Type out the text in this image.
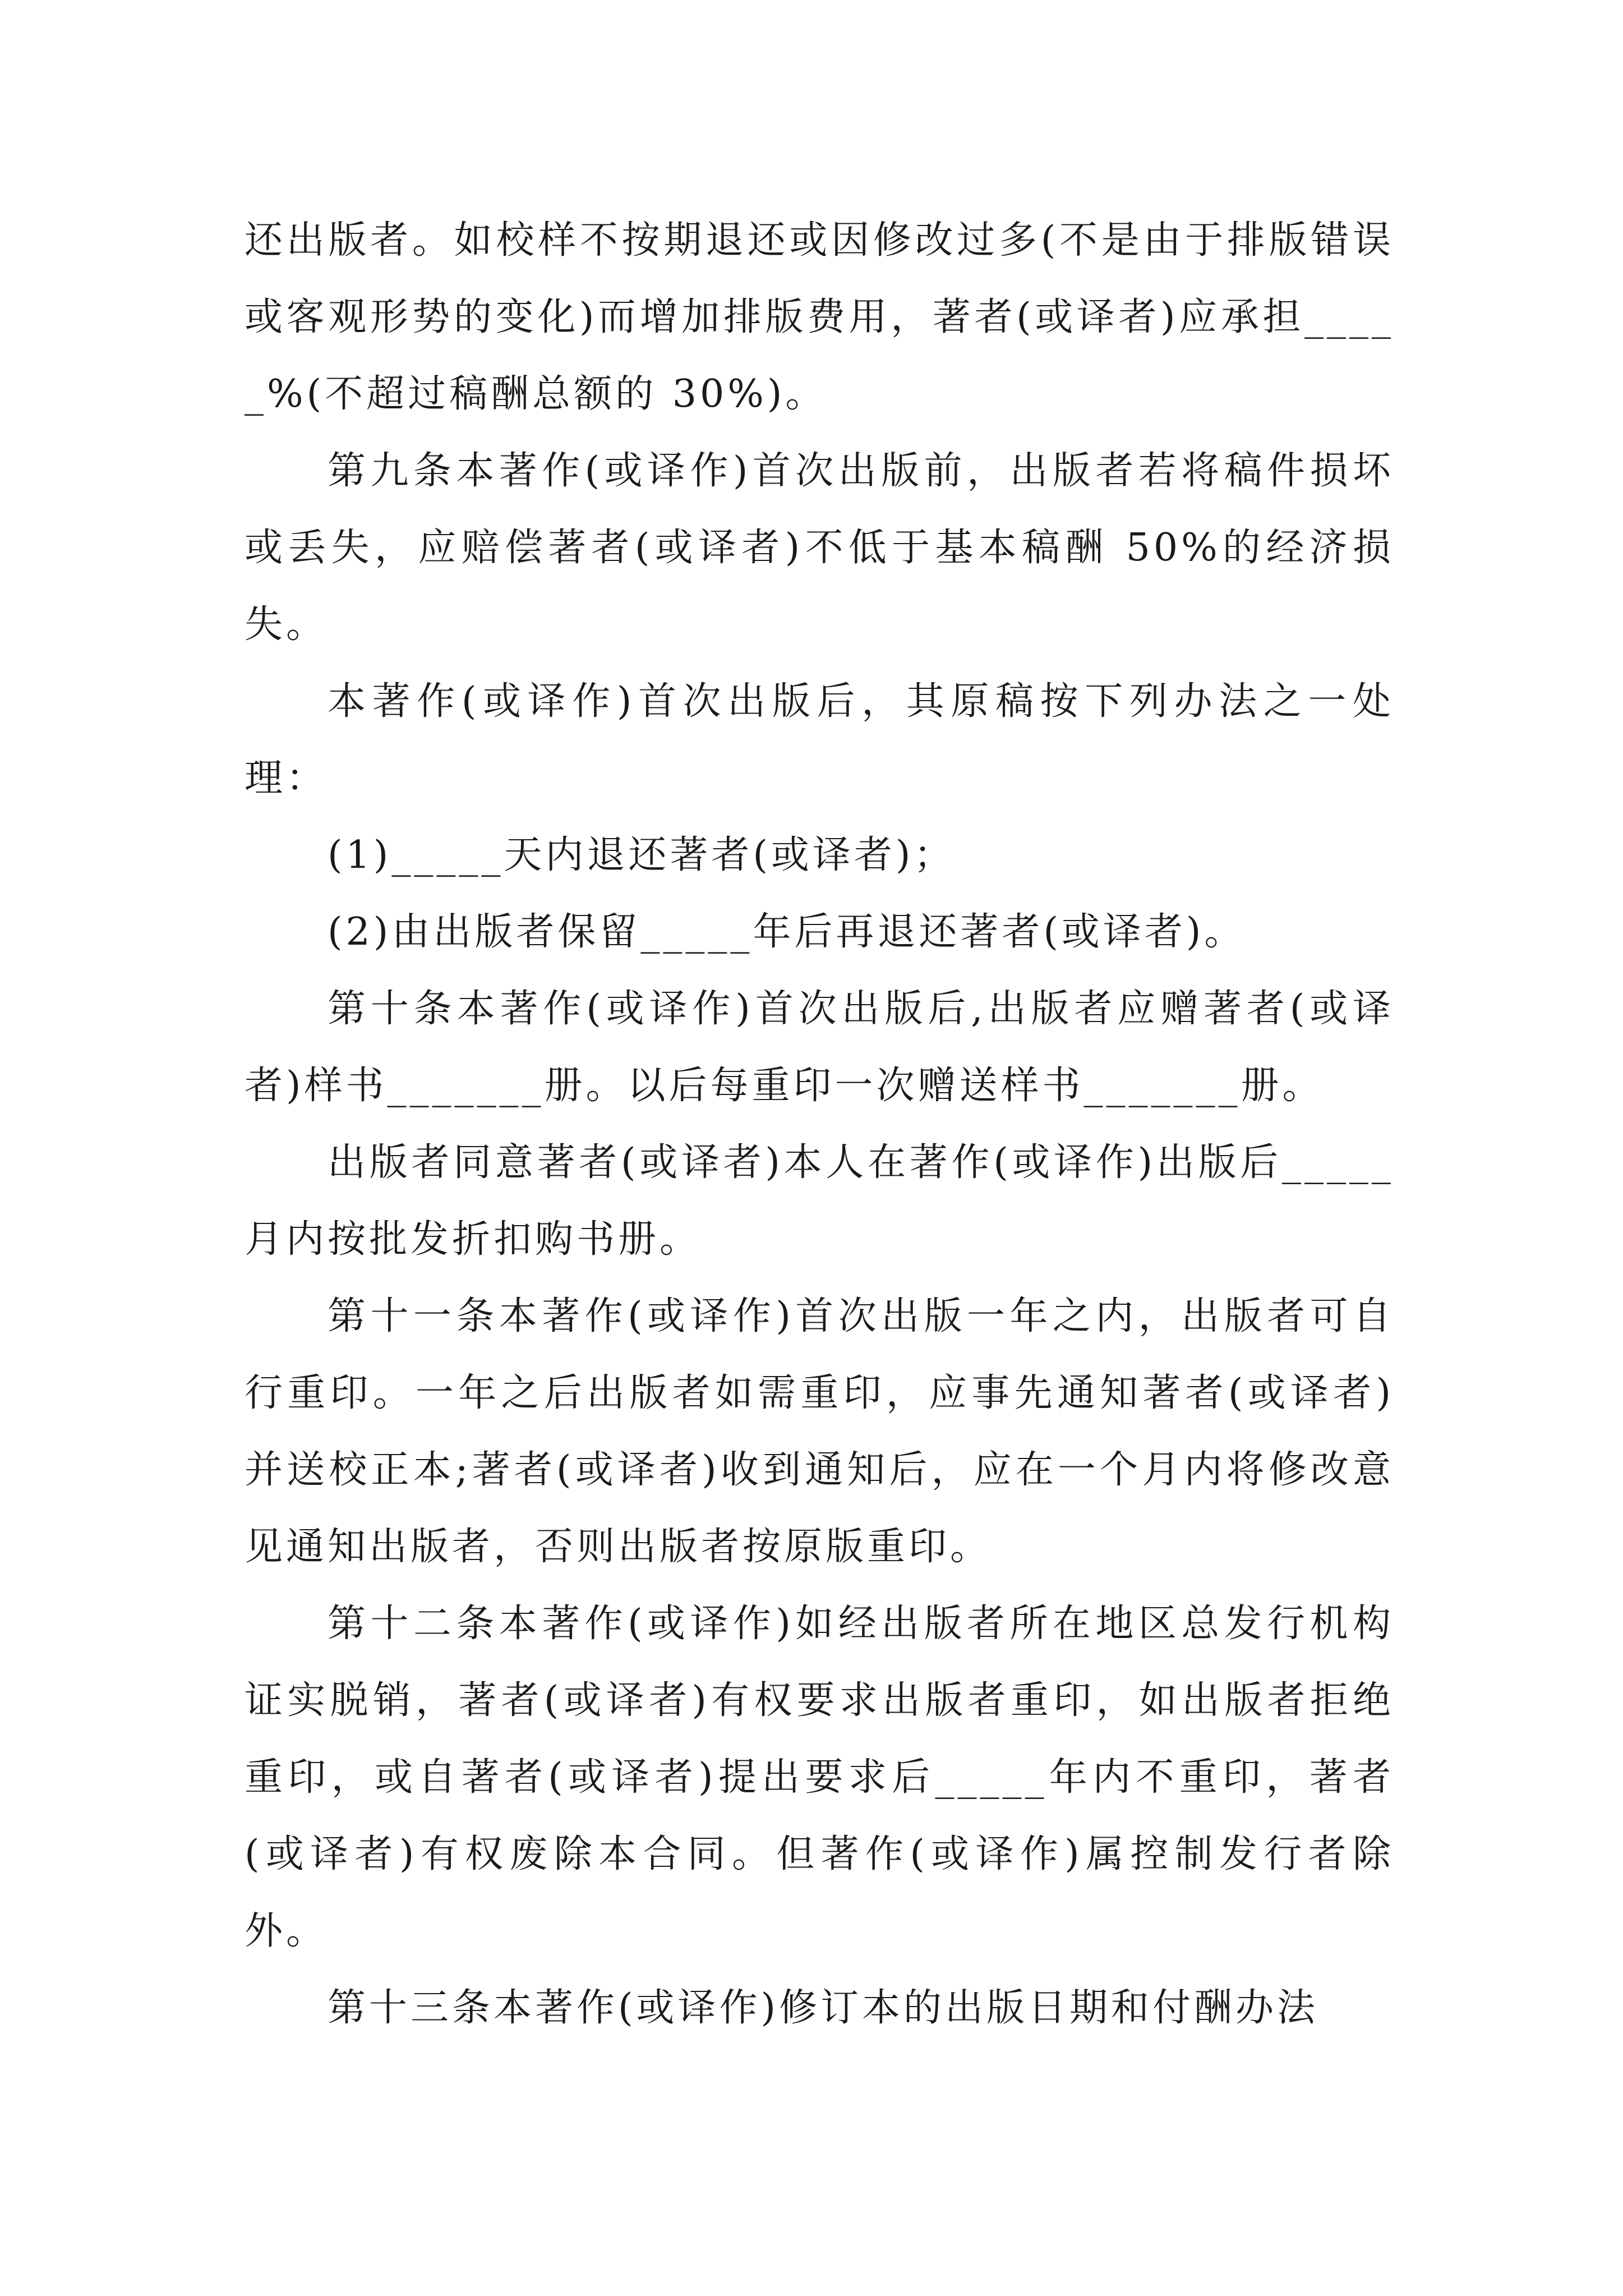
还出版者。如校样不按期退还或因修改过多(不是由于排版错误或客观形势的变化)而增加排版费用，著者(或译者)应承担_____%(不超过稿酬总额的 30%)。

第九条本著作(或译作)首次出版前，出版者若将稿件损坏或丢失，应赔偿著者(或译者)不低于基本稿酬 50%的经济损失。

本著作(或译作)首次出版后，其原稿按下列办法之一处理：

(1)_____天内退还著者(或译者)；

(2)由出版者保留_____年后再退还著者(或译者)。

第十条本著作(或译作)首次出版后,出版者应赠著者(或译者)样书_______册。以后每重印一次赠送样书_______册。

出版者同意著者(或译者)本人在著作(或译作)出版后_____月内按批发折扣购书册。

第十一条本著作(或译作)首次出版一年之内，出版者可自行重印。一年之后出版者如需重印，应事先通知著者(或译者)并送校正本;著者(或译者)收到通知后，应在一个月内将修改意见通知出版者，否则出版者按原版重印。

第十二条本著作(或译作)如经出版者所在地区总发行机构证实脱销，著者(或译者)有权要求出版者重印，如出版者拒绝重印，或自著者(或译者)提出要求后_____年内不重印，著者(或译者)有权废除本合同。但著作(或译作)属控制发行者除外。

第十三条本著作(或译作)修订本的出版日期和付酬办法
